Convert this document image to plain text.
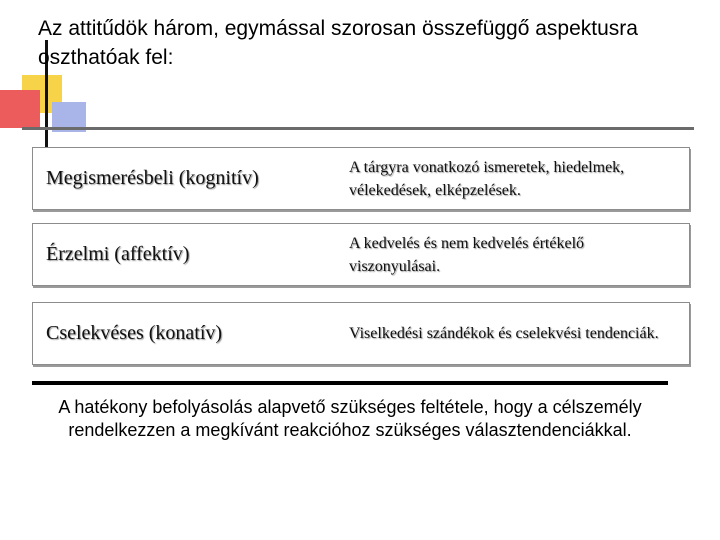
Az attitűdök három, egymással szorosan összefüggő aspektusra oszthatóak fel:
Megismerésbeli (kognitív)	A tárgyra vonatkozó ismeretek, hiedelmek, vélekedések, elképzelések.
Érzelmi (affektív)	A kedvelés és nem kedvelés értékelő viszonyulásai.
Cselekvéses (konatív)	Viselkedési szándékok és cselekvési tendenciák.
A hatékony befolyásolás alapvető szükséges feltétele, hogy a célszemély rendelkezzen a megkívánt reakcióhoz szükséges választendenciákkal.
